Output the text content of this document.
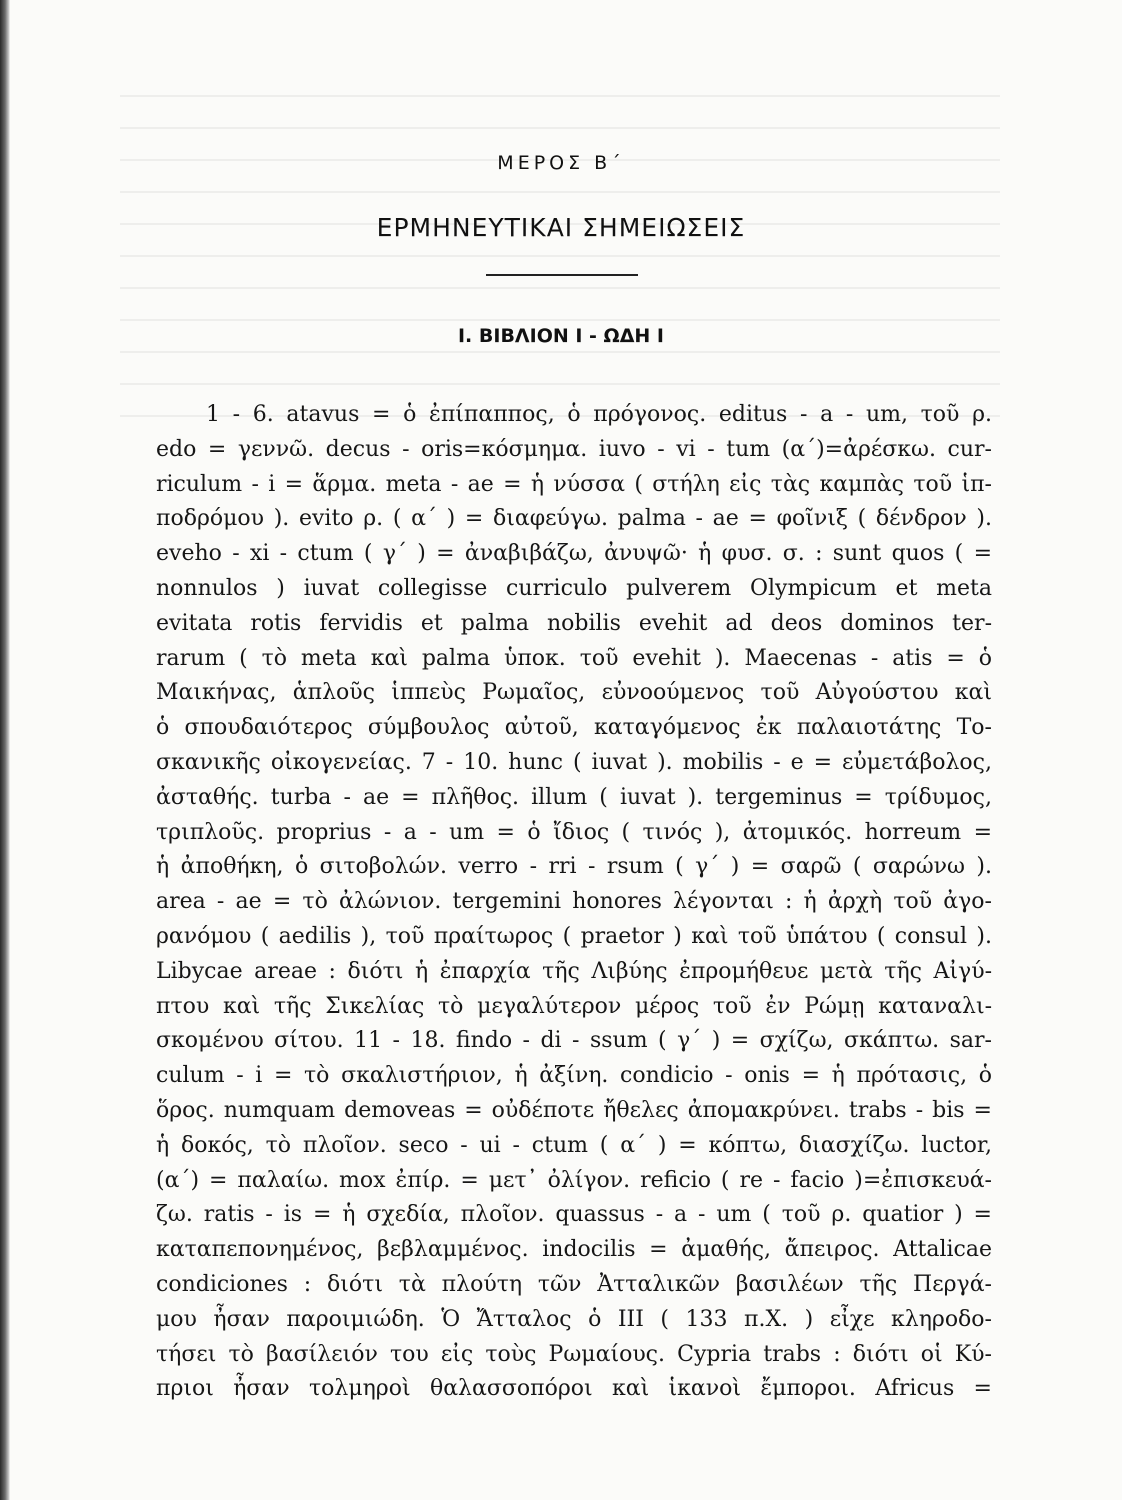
ΜΕΡΟΣ Β΄
ΕΡΜΗΝΕΥΤΙΚΑΙ ΣΗΜΕΙΩΣΕΙΣ
Ι. ΒΙΒΛΙΟΝ Ι - ΩΔΗ Ι
1 - 6. atavus = ὁ ἐπίπαππος, ὁ πρόγονος. editus - a - um, τοῦ ρ.
edo = γεννῶ. decus - oris=κόσμημα. iuvo - vi - tum (α΄)=ἀρέσκω. cur-
riculum - i = ἅρμα. meta - ae = ἡ νύσσα ( στήλη εἰς τὰς καμπὰς τοῦ ἱπ-
ποδρόμου ). evito ρ. ( α΄ ) = διαφεύγω. palma - ae = φοῖνιξ ( δένδρον ).
eveho - xi - ctum ( γ΄ ) = ἀναβιβάζω, ἀνυψῶ· ἡ φυσ. σ. : sunt quos ( =
nonnulos ) iuvat collegisse curriculo pulverem Olympicum et meta
evitata rotis fervidis et palma nobilis evehit ad deos dominos ter-
rarum ( τὸ meta καὶ palma ὑποκ. τοῦ evehit ). Maecenas - atis = ὁ
Μαικήνας, ἁπλοῦς ἱππεὺς Ρωμαῖος, εὐνοούμενος τοῦ Αὐγούστου καὶ
ὁ σπουδαιότερος σύμβουλος αὐτοῦ, καταγόμενος ἐκ παλαιοτάτης Το-
σκανικῆς οἰκογενείας. 7 - 10. hunc ( iuvat ). mobilis - e = εὐμετάβολος,
ἀσταθής. turba - ae = πλῆθος. illum ( iuvat ). tergeminus = τρίδυμος,
τριπλοῦς. proprius - a - um = ὁ ἴδιος ( τινός ), ἀτομικός. horreum =
ἡ ἀποθήκη, ὁ σιτοβολών. verro - rri - rsum ( γ΄ ) = σαρῶ ( σαρώνω ).
area - ae = τὸ ἀλώνιον. tergemini honores λέγονται : ἡ ἀρχὴ τοῦ ἀγο-
ρανόμου ( aedilis ), τοῦ πραίτωρος ( praetor ) καὶ τοῦ ὑπάτου ( consul ).
Libycae areae : διότι ἡ ἐπαρχία τῆς Λιβύης ἐπρομήθευε μετὰ τῆς Αἰγύ-
πτου καὶ τῆς Σικελίας τὸ μεγαλύτερον μέρος τοῦ ἐν Ρώμῃ καταναλι-
σκομένου σίτου. 11 - 18. findo - di - ssum ( γ΄ ) = σχίζω, σκάπτω. sar-
culum - i = τὸ σκαλιστήριον, ἡ ἀξίνη. condicio - onis = ἡ πρότασις, ὁ
ὅρος. numquam demoveas = οὐδέποτε ἤθελες ἀπομακρύνει. trabs - bis =
ἡ δοκός, τὸ πλοῖον. seco - ui - ctum ( α΄ ) = κόπτω, διασχίζω. luctor,
(α΄) = παλαίω. mox ἐπίρ. = μετ᾽ ὀλίγον. reficio ( re - facio )=ἐπισκευά-
ζω. ratis - is = ἡ σχεδία, πλοῖον. quassus - a - um ( τοῦ ρ. quatior ) =
καταπεπονημένος, βεβλαμμένος. indocilis = ἀμαθής, ἄπειρος. Attalicae
condiciones : διότι τὰ πλούτη τῶν Ἀτταλικῶν βασιλέων τῆς Περγά-
μου ἦσαν παροιμιώδη. Ὁ Ἄτταλος ὁ III ( 133 π.Χ. ) εἶχε κληροδο-
τήσει τὸ βασίλειόν του εἰς τοὺς Ρωμαίους. Cypria trabs : διότι οἱ Κύ-
πριοι ἦσαν τολμηροὶ θαλασσοπόροι καὶ ἱκανοὶ ἔμποροι. Africus =
